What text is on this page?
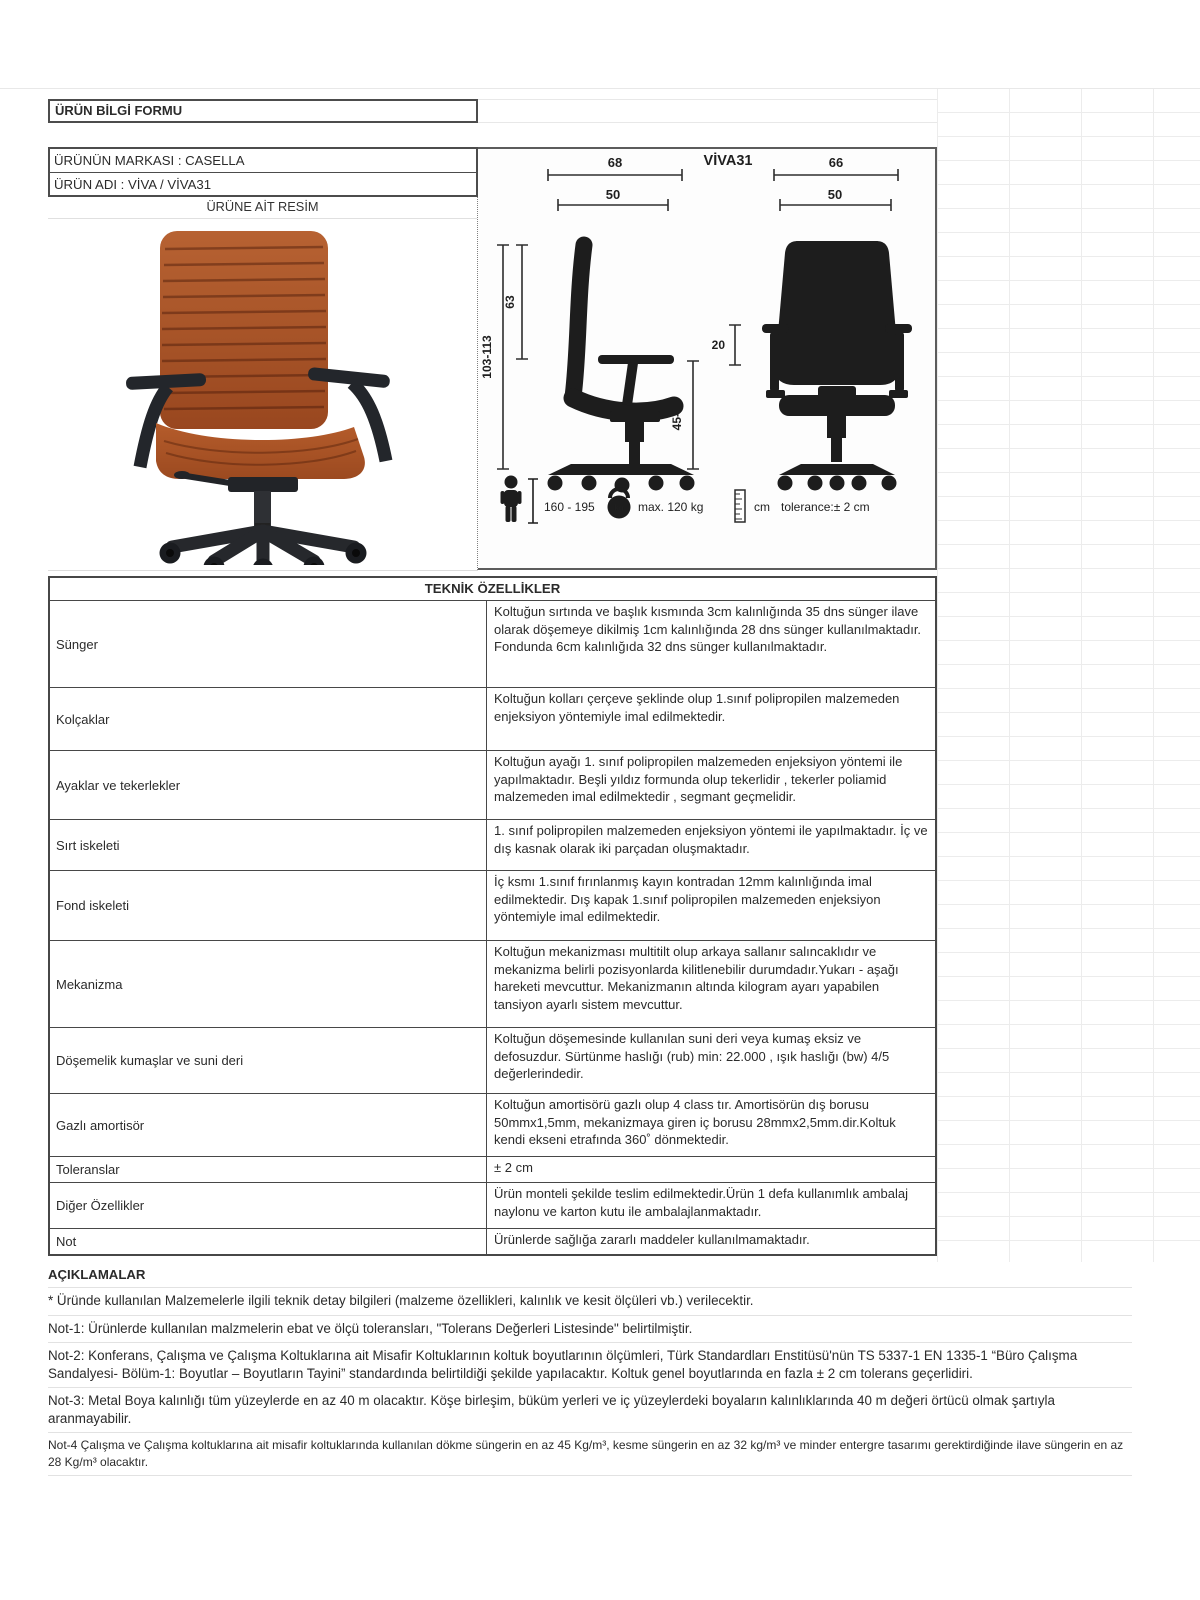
ÜRÜN BİLGİ FORMU
ÜRÜNÜN MARKASI : CASELLA
ÜRÜN ADI : VİVA / VİVA31
ÜRÜNE AİT RESİM
VİVA31
68
50
66
50
103-113
63
45-55
20
160 - 195 kg max. 120 kg	cm tolerance:± 2 cm
TEKNİK ÖZELLİKLER
Sünger
Koltuğun sırtında ve başlık kısmında 3cm kalınlığında 35 dns sünger ilave olarak döşemeye dikilmiş 1cm kalınlığında 28 dns sünger kullanılmaktadır. Fondunda 6cm kalınlığıda 32 dns sünger kullanılmaktadır.
Kolçaklar
Koltuğun kolları çerçeve şeklinde olup 1.sınıf polipropilen malzemeden enjeksiyon yöntemiyle imal edilmektedir.
Ayaklar ve tekerlekler
Koltuğun ayağı 1. sınıf polipropilen malzemeden enjeksiyon yöntemi ile yapılmaktadır. Beşli yıldız formunda olup tekerlidir , tekerler poliamid malzemeden imal edilmektedir , segmant geçmelidir.
Sırt iskeleti
1. sınıf polipropilen malzemeden enjeksiyon yöntemi ile yapılmaktadır. İç ve dış kasnak olarak iki parçadan oluşmaktadır.
Fond iskeleti
İç ksmı 1.sınıf fırınlanmış kayın kontradan 12mm kalınlığında imal edilmektedir. Dış kapak 1.sınıf polipropilen malzemeden enjeksiyon yöntemiyle imal edilmektedir.
Mekanizma
Koltuğun mekanizması multitilt olup arkaya sallanır salıncaklıdır ve mekanizma belirli pozisyonlarda kilitlenebilir durumdadır.Yukarı - aşağı hareketi mevcuttur. Mekanizmanın altında kilogram ayarı yapabilen tansiyon ayarlı sistem mevcuttur.
Döşemelik kumaşlar ve suni deri
Koltuğun döşemesinde kullanılan suni deri veya kumaş eksiz ve defosuzdur. Sürtünme haslığı (rub) min: 22.000 , ışık haslığı (bw) 4/5 değerlerindedir.
Gazlı amortisör
Koltuğun amortisörü gazlı olup 4 class tır. Amortisörün dış borusu 50mmx1,5mm, mekanizmaya giren iç borusu 28mmx2,5mm.dir.Koltuk kendi ekseni etrafında 360˚ dönmektedir.
Toleranslar	± 2 cm
Diğer Özellikler
Ürün monteli şekilde teslim edilmektedir.Ürün 1 defa kullanımlık ambalaj naylonu ve karton kutu ile ambalajlanmaktadır.
Not	Ürünlerde sağlığa zararlı maddeler kullanılmamaktadır.
AÇIKLAMALAR
* Üründe kullanılan Malzemelerle ilgili teknik detay bilgileri (malzeme özellikleri, kalınlık ve kesit ölçüleri vb.) verilecektir.
Not-1: Ürünlerde kullanılan malzmelerin ebat ve ölçü toleransları, "Tolerans Değerleri Listesinde" belirtilmiştir.
Not-2: Konferans, Çalışma ve Çalışma Koltuklarına ait Misafir Koltuklarının koltuk boyutlarının ölçümleri, Türk Standardları Enstitüsü'nün TS 5337-1 EN 1335-1 “Büro Çalışma Sandalyesi- Bölüm-1: Boyutlar – Boyutların Tayini” standardında belirtildiği şekilde yapılacaktır. Koltuk genel boyutlarında en fazla ± 2 cm tolerans geçerlidiri.
Not-3: Metal Boya kalınlığı tüm yüzeylerde en az 40 m olacaktır. Köşe birleşim, büküm yerleri ve iç yüzeylerdeki boyaların kalınlıklarında 40 m değeri örtücü olmak şartıyla aranmayabilir.
Not-4 Çalışma ve Çalışma koltuklarına ait misafir koltuklarında kullanılan dökme süngerin en az 45 Kg/m³, kesme süngerin en az 32 kg/m³ ve minder entergre tasarımı gerektirdiğinde ilave süngerin en az 28 Kg/m³ olacaktır.
